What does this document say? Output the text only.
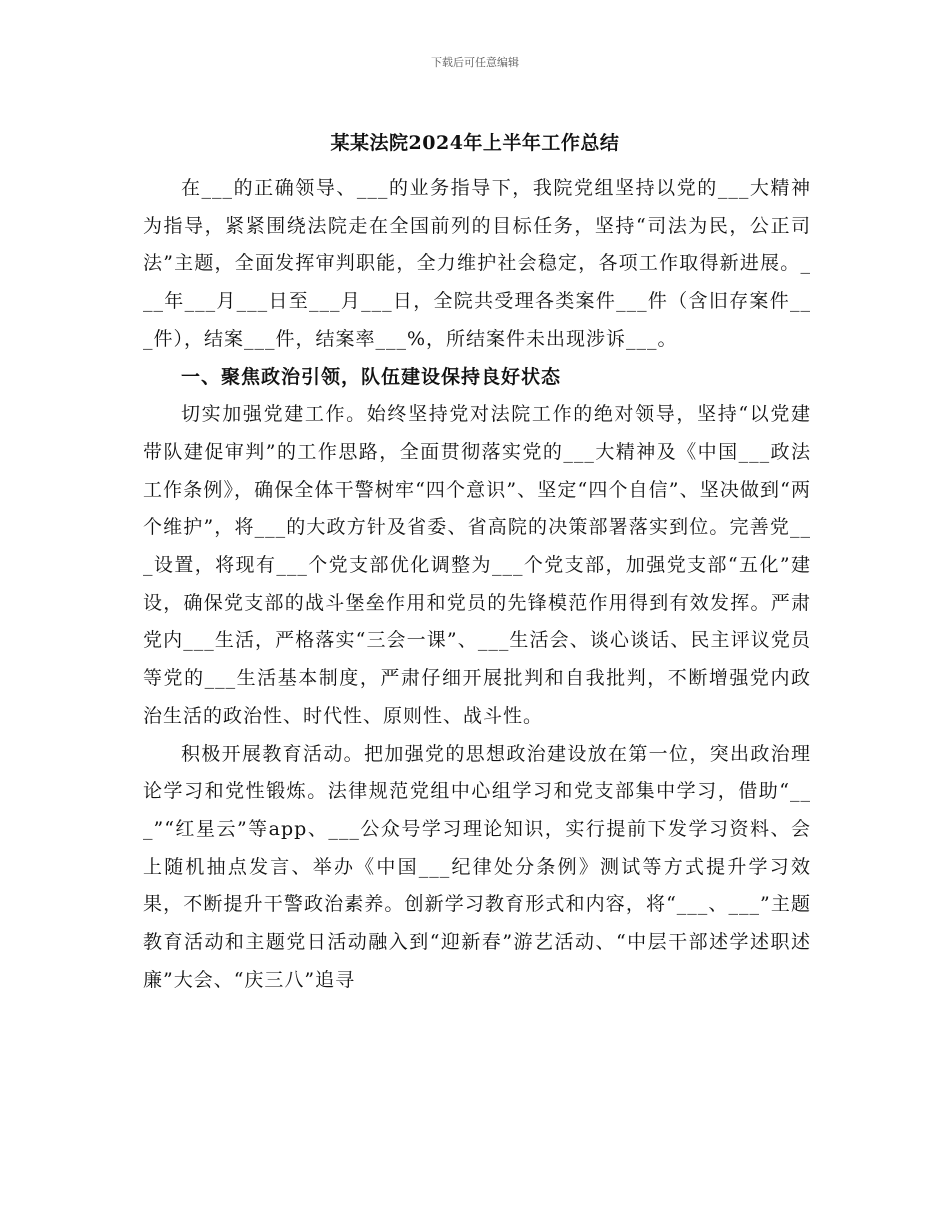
下载后可任意编辑
某某法院2024年上半年工作总结

在___的正确领导、___的业务指导下，我院党组坚持以党的___大精神为指导，紧紧围绕法院走在全国前列的目标任务，坚持“司法为民，公正司法”主题，全面发挥审判职能，全力维护社会稳定，各项工作取得新进展。___年___月___日至___月___日，全院共受理各类案件___件（含旧存案件___件），结案___件，结案率___%，所结案件未出现涉诉___。

一、聚焦政治引领，队伍建设保持良好状态

切实加强党建工作。始终坚持党对法院工作的绝对领导，坚持“以党建带队建促审判”的工作思路，全面贯彻落实党的___大精神及《中国___政法工作条例》，确保全体干警树牢“四个意识”、坚定“四个自信”、坚决做到“两个维护”，将___的大政方针及省委、省高院的决策部署落实到位。完善党___设置，将现有___个党支部优化调整为___个党支部，加强党支部“五化”建设，确保党支部的战斗堡垒作用和党员的先锋模范作用得到有效发挥。严肃党内___生活，严格落实“三会一课”、___生活会、谈心谈话、民主评议党员等党的___生活基本制度，严肃仔细开展批判和自我批判，不断增强党内政治生活的政治性、时代性、原则性、战斗性。

积极开展教育活动。把加强党的思想政治建设放在第一位，突出政治理论学习和党性锻炼。法律规范党组中心组学习和党支部集中学习，借助“___”“红星云”等app、___公众号学习理论知识，实行提前下发学习资料、会上随机抽点发言、举办《中国___纪律处分条例》测试等方式提升学习效果，不断提升干警政治素养。创新学习教育形式和内容，将“___、___”主题教育活动和主题党日活动融入到“迎新春”游艺活动、“中层干部述学述职述廉”大会、“庆三八”追寻
